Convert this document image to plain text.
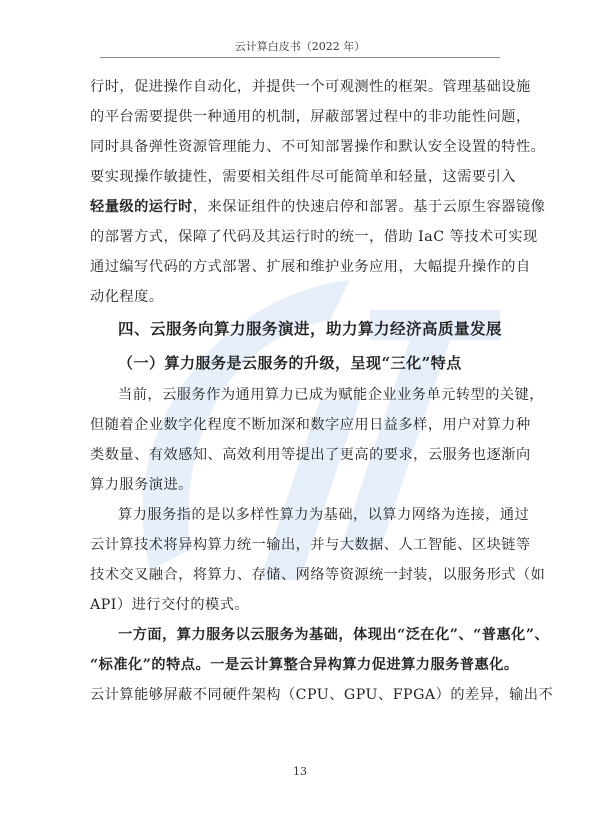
云计算白皮书（2022 年）
行时，促进操作自动化，并提供一个可观测性的框架。管理基础设施
的平台需要提供一种通用的机制，屏蔽部署过程中的非功能性问题，
同时具备弹性资源管理能力、不可知部署操作和默认安全设置的特性。
要实现操作敏捷性，需要相关组件尽可能简单和轻量，这需要引入
轻量级的运行时，来保证组件的快速启停和部署。基于云原生容器镜像
的部署方式，保障了代码及其运行时的统一，借助 IaC 等技术可实现
通过编写代码的方式部署、扩展和维护业务应用，大幅提升操作的自
动化程度。
四、云服务向算力服务演进，助力算力经济高质量发展
（一）算力服务是云服务的升级，呈现“三化”特点
当前，云服务作为通用算力已成为赋能企业业务单元转型的关键，
但随着企业数字化程度不断加深和数字应用日益多样，用户对算力种
类数量、有效感知、高效利用等提出了更高的要求，云服务也逐渐向
算力服务演进。
算力服务指的是以多样性算力为基础，以算力网络为连接，通过
云计算技术将异构算力统一输出，并与大数据、人工智能、区块链等
技术交叉融合，将算力、存储、网络等资源统一封装，以服务形式（如
API）进行交付的模式。
一方面，算力服务以云服务为基础，体现出“泛在化”、“普惠化”、
“标准化”的特点。一是云计算整合异构算力促进算力服务普惠化。
云计算能够屏蔽不同硬件架构（CPU、GPU、FPGA）的差异，输出不
13
